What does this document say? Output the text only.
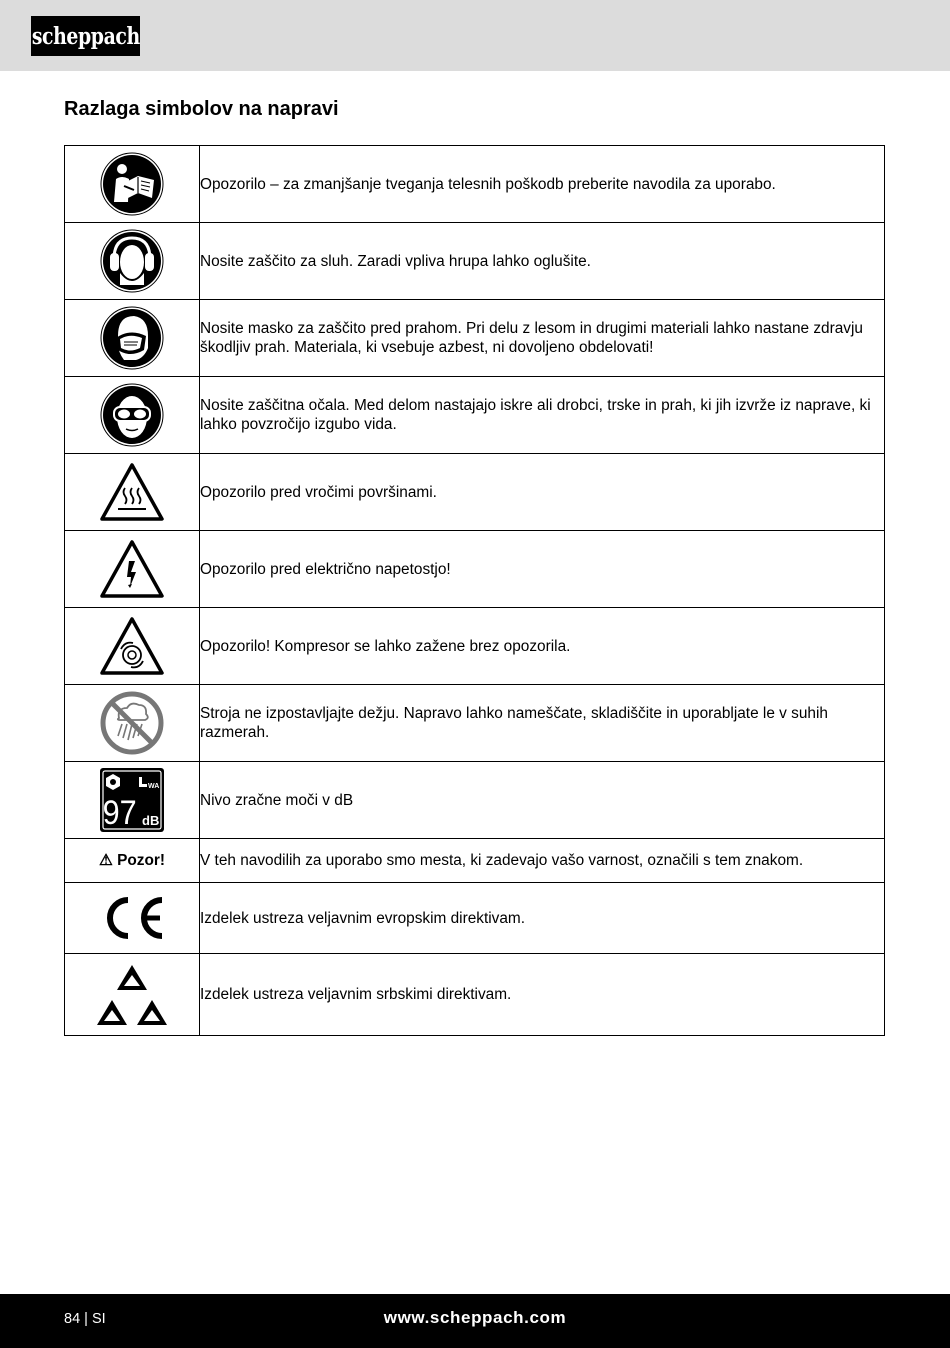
scheppach
Razlaga simbolov na napravi
	Opozorilo – za zmanjšanje tveganja telesnih poškodb preberite navodila za uporabo.

	Nosite zaščito za sluh. Zaradi vpliva hrupa lahko oglušite.

	Nosite masko za zaščito pred prahom. Pri delu z lesom in drugimi materiali lahko nastane zdravju škodljiv prah. Materiala, ki vsebuje azbest, ni dovoljeno obdelovati!

	Nosite zaščitna očala. Med delom nastajajo iskre ali drobci, trske in prah, ki jih izvrže iz naprave, ki lahko povzročijo izgubo vida.

	Opozorilo pred vročimi površinami.

	Opozorilo pred električno napetostjo!

	Opozorilo! Kompresor se lahko zažene brez opozorila.

	Stroja ne izpostavljajte dežju. Napravo lahko nameščate, skladiščite in uporabljate le v suhih razmerah.

WA
97 dB	Nivo zračne moči v dB
⚠ Pozor!	V teh navodilih za uporabo smo mesta, ki zadevajo vašo varnost, označili s tem znakom.

	Izdelek ustreza veljavnim evropskim direktivam.

	Izdelek ustreza veljavnim srbskimi direktivam.
84 | SI	www.scheppach.com
